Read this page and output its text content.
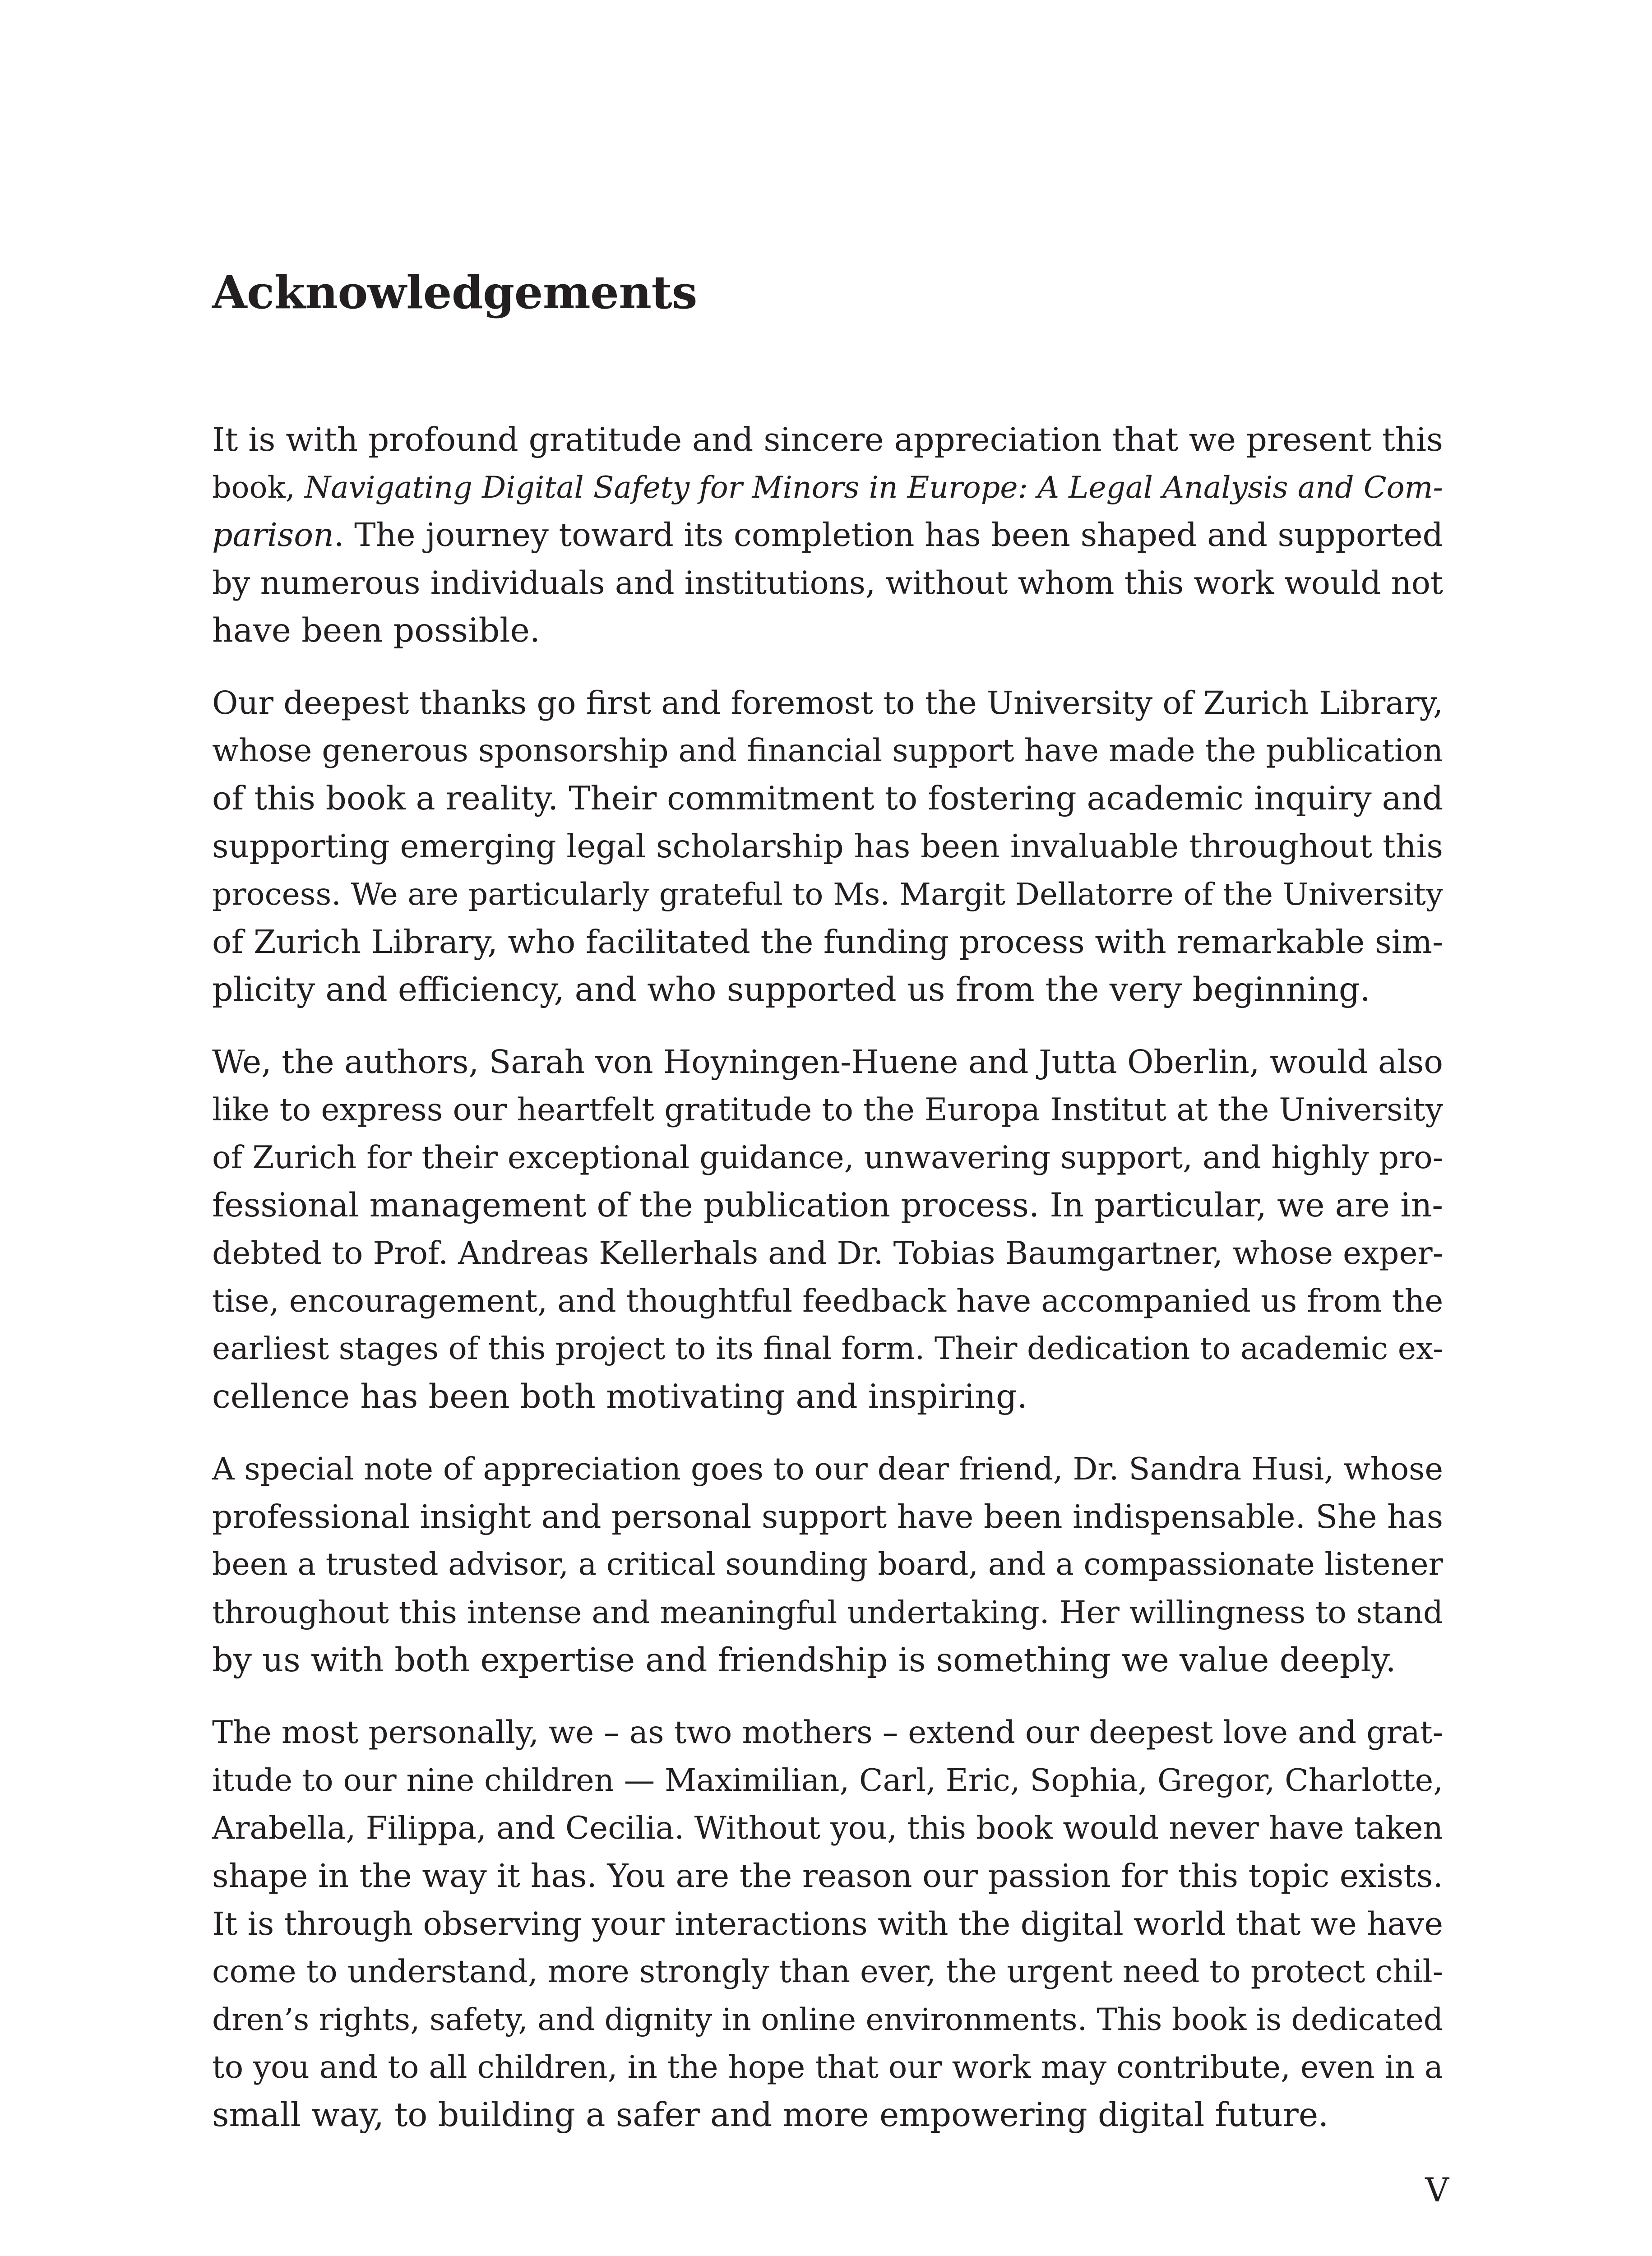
Acknowledgements

It is with profound gratitude and sincere appreciation that we present this
book, Navigating Digital Safety for Minors in Europe: A Legal Analysis and Com-
parison. The journey toward its completion has been shaped and supported
by numerous individuals and institutions, without whom this work would not
have been possible.

Our deepest thanks go first and foremost to the University of Zurich Library,
whose generous sponsorship and financial support have made the publication
of this book a reality. Their commitment to fostering academic inquiry and
supporting emerging legal scholarship has been invaluable throughout this
process. We are particularly grateful to Ms. Margit Dellatorre of the University
of Zurich Library, who facilitated the funding process with remarkable sim-
plicity and efficiency, and who supported us from the very beginning.

We, the authors, Sarah von Hoyningen-Huene and Jutta Oberlin, would also
like to express our heartfelt gratitude to the Europa Institut at the University
of Zurich for their exceptional guidance, unwavering support, and highly pro-
fessional management of the publication process. In particular, we are in-
debted to Prof. Andreas Kellerhals and Dr. Tobias Baumgartner, whose exper-
tise, encouragement, and thoughtful feedback have accompanied us from the
earliest stages of this project to its final form. Their dedication to academic ex-
cellence has been both motivating and inspiring.

A special note of appreciation goes to our dear friend, Dr. Sandra Husi, whose
professional insight and personal support have been indispensable. She has
been a trusted advisor, a critical sounding board, and a compassionate listener
throughout this intense and meaningful undertaking. Her willingness to stand
by us with both expertise and friendship is something we value deeply.

The most personally, we – as two mothers – extend our deepest love and grat-
itude to our nine children — Maximilian, Carl, Eric, Sophia, Gregor, Charlotte,
Arabella, Filippa, and Cecilia. Without you, this book would never have taken
shape in the way it has. You are the reason our passion for this topic exists.
It is through observing your interactions with the digital world that we have
come to understand, more strongly than ever, the urgent need to protect chil-
dren’s rights, safety, and dignity in online environments. This book is dedicated
to you and to all children, in the hope that our work may contribute, even in a
small way, to building a safer and more empowering digital future.

V
